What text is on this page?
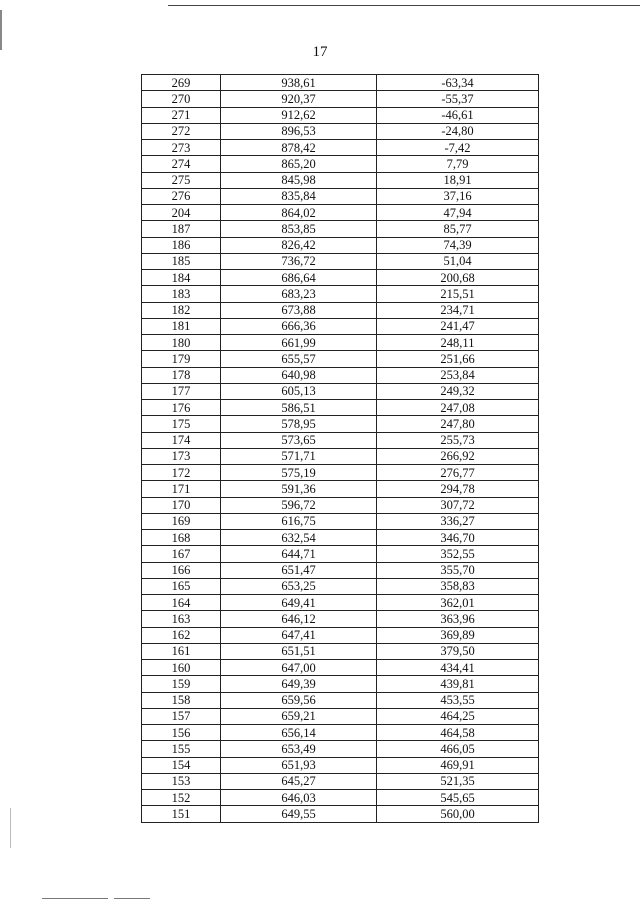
17
269	938,61	-63,34
270	920,37	-55,37
271	912,62	-46,61
272	896,53	-24,80
273	878,42	-7,42
274	865,20	7,79
275	845,98	18,91
276	835,84	37,16
204	864,02	47,94
187	853,85	85,77
186	826,42	74,39
185	736,72	51,04
184	686,64	200,68
183	683,23	215,51
182	673,88	234,71
181	666,36	241,47
180	661,99	248,11
179	655,57	251,66
178	640,98	253,84
177	605,13	249,32
176	586,51	247,08
175	578,95	247,80
174	573,65	255,73
173	571,71	266,92
172	575,19	276,77
171	591,36	294,78
170	596,72	307,72
169	616,75	336,27
168	632,54	346,70
167	644,71	352,55
166	651,47	355,70
165	653,25	358,83
164	649,41	362,01
163	646,12	363,96
162	647,41	369,89
161	651,51	379,50
160	647,00	434,41
159	649,39	439,81
158	659,56	453,55
157	659,21	464,25
156	656,14	464,58
155	653,49	466,05
154	651,93	469,91
153	645,27	521,35
152	646,03	545,65
151	649,55	560,00
